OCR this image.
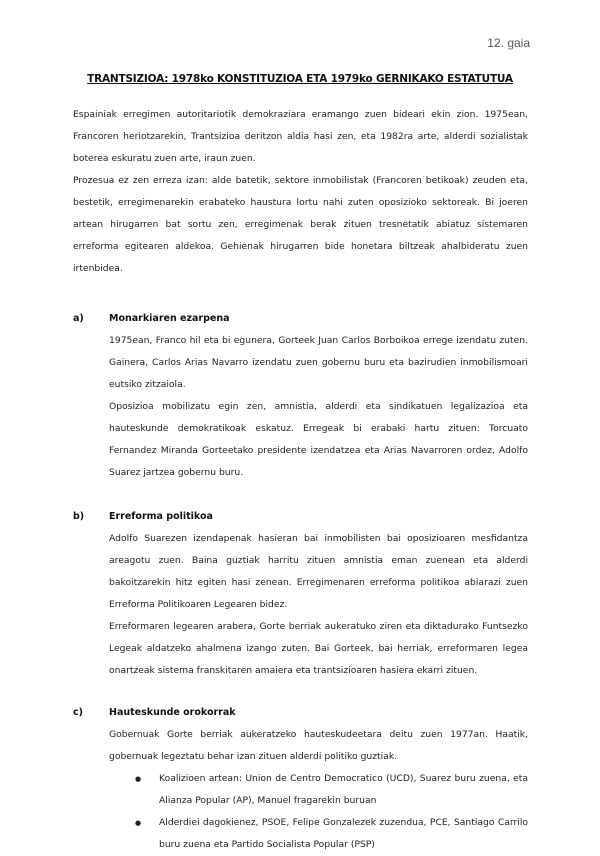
12. gaia
TRANTSIZIOA: 1978ko KONSTITUZIOA ETA 1979ko GERNIKAKO ESTATUTUA

Espainiak erregimen autoritariotik demokraziara eramango zuen bideari ekin zion. 1975ean, Francoren heriotzarekin, Trantsizioa deritzon aldia hasi zen, eta 1982ra arte, alderdi sozialistak boterea eskuratu zuen arte, iraun zuen.

Prozesua ez zen erreza izan: alde batetik, sektore inmobilistak (Francoren betikoak) zeuden eta, bestetik, erregimenarekin erabateko haustura lortu nahi zuten oposizioko sektoreak. Bi joeren artean hirugarren bat sortu zen, erregimenak berak zituen tresnetatik abiatuz sistemaren erreforma egitearen aldekoa. Gehienak hirugarren bide honetara biltzeak ahalbideratu zuen irtenbidea.

a)	Monarkiaren ezarpena

1975ean, Franco hil eta bi egunera, Gorteek Juan Carlos Borboikoa errege izendatu zuten. Gainera, Carlos Arias Navarro izendatu zuen gobernu buru eta bazirudien inmobilismoari eutsiko zitzaiola.

Oposizioa mobilizatu egin zen, amnistia, alderdi eta sindikatuen legalizazioa eta hauteskunde demokratikoak eskatuz. Erregeak bi erabaki hartu zituen: Torcuato Fernandez Miranda Gorteetako presidente izendatzea eta Arias Navarroren ordez, Adolfo Suarez jartzea gobernu buru.

b)	Erreforma politikoa

Adolfo Suarezen izendapenak hasieran bai inmobilisten bai oposizioaren mesfidantza areagotu zuen. Baina guztiak harritu zituen amnistia eman zuenean eta alderdi bakoitzarekin hitz egiten hasi zenean. Erregimenaren erreforma politikoa abiarazi zuen Erreforma Politikoaren Legearen bidez.

Erreformaren legearen arabera, Gorte berriak aukeratuko ziren eta diktadurako Funtsezko Legeak aldatzeko ahalmena izango zuten. Bai Gorteek, bai herriak, erreformaren legea onartzeak sistema franskitaren amaiera eta trantsizioaren hasiera ekarri zituen.

c)	Hauteskunde orokorrak

Gobernuak Gorte berriak aukeratzeko hauteskudeetara deitu zuen 1977an. Haatik, gobernuak legeztatu behar izan zituen alderdi politiko guztiak.

● Koalizioen artean: Union de Centro Democratico (UCD), Suarez buru zuena, eta Alianza Popular (AP), Manuel fragarekin buruan
● Alderdiei dagokienez, PSOE, Felipe Gonzalezek zuzendua, PCE, Santiago Carrilo buru zuena eta Partido Socialista Popular (PSP)
